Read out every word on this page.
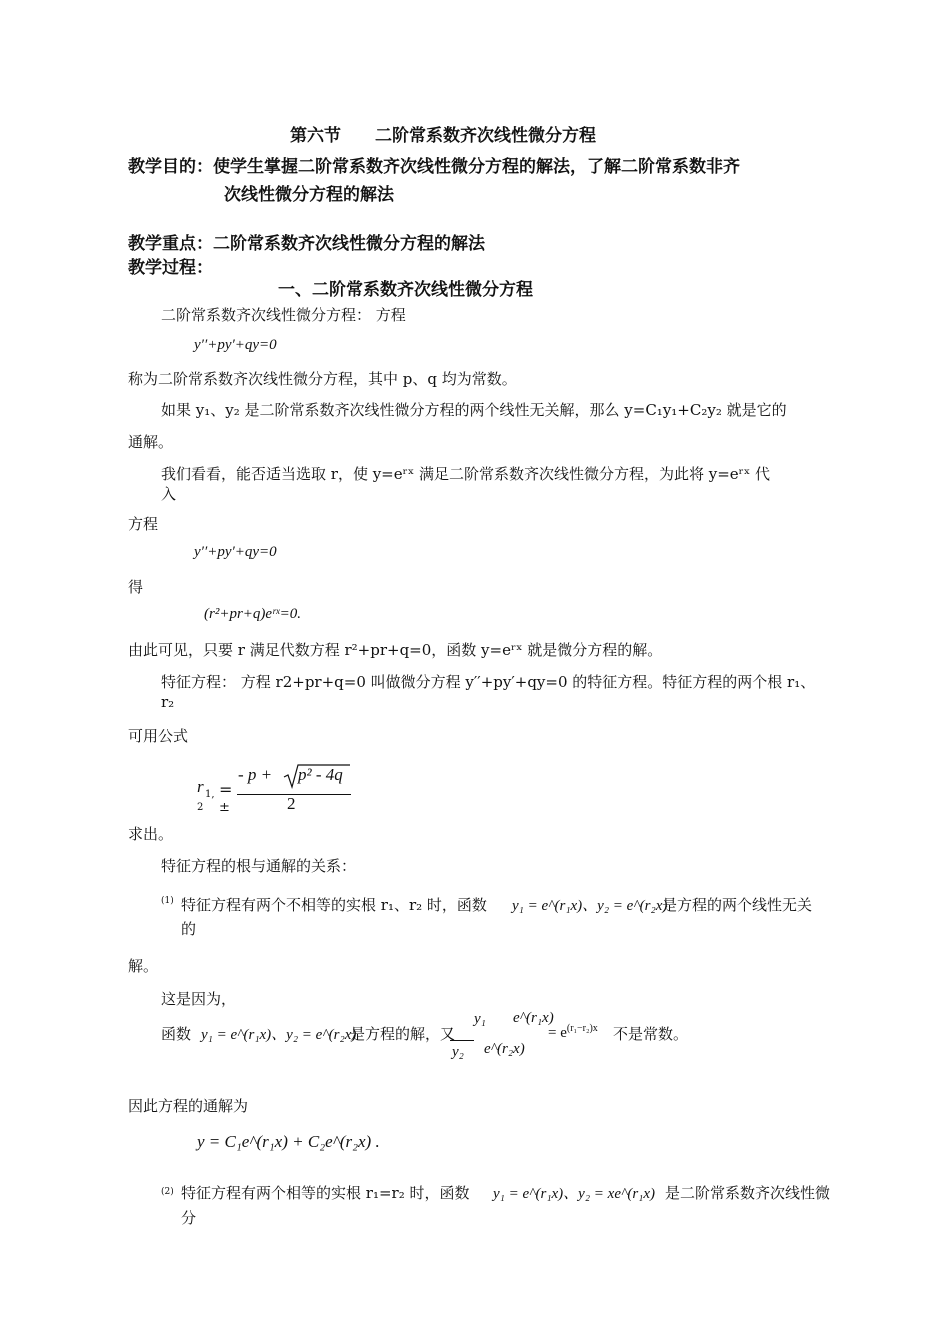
第六节　　二阶常系数齐次线性微分方程
教学目的：使学生掌握二阶常系数齐次线性微分方程的解法，了解二阶常系数非齐
次线性微分方程的解法
教学重点：二阶常系数齐次线性微分方程的解法
教学过程：
一、二阶常系数齐次线性微分方程
二阶常系数齐次线性微分方程： 方程
y′′+py′+qy=0
称为二阶常系数齐次线性微分方程，其中 p、q 均为常数。
如果 y₁、y₂ 是二阶常系数齐次线性微分方程的两个线性无关解，那么 y=C₁y₁+C₂y₂ 就是它的
通解。
我们看看，能否适当选取 r，使 y=eʳˣ 满足二阶常系数齐次线性微分方程，为此将 y=eʳˣ 代
入
方程
y′′+py′+qy=0
得
(r²+pr+q)eʳˣ=0.
由此可见，只要 r 满足代数方程 r²+pr+q=0，函数 y=eʳˣ 就是微分方程的解。
特征方程： 方程 r2+pr+q=0 叫做微分方程 y′′+py′+qy=0 的特征方程。特征方程的两个根 r₁、
r₂
可用公式
r 1,
2
=
±
- p + p² - 4q
2
求出。
特征方程的根与通解的关系：
(1) 特征方程有两个不相等的实根 r₁、r₂ 时，函数 y₁ = e^(r₁x)、y₂ = e^(r₂x)
是方程的两个线性无关
的
解。
这是因为，
函数 y₁ = e^(r₁x)、y₂ = e^(r₂x)
是方程的解，又
y₁
y₂
e^(r₁x)
e^(r₂x)
= $e^{(r_1-r_2)x}$ 不是常数。
因此方程的通解为
y = C₁e^(r₁x) + C₂e^(r₂x) .
(2) 特征方程有两个相等的实根 r₁=r₂ 时，函数 y₁ = e^(r₁x)、y₂ = xe^(r₁x) 是二阶常系数齐次线性微
分
